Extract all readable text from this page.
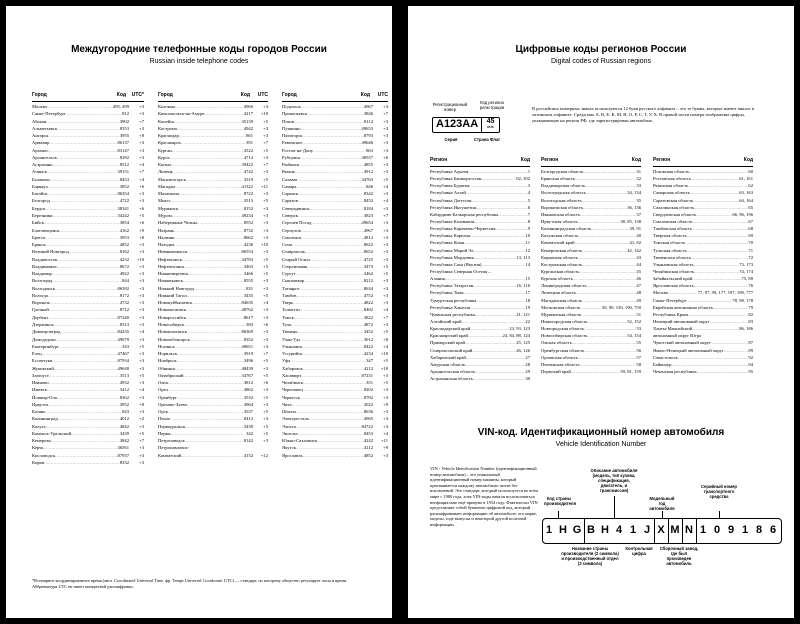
Междугородние телефонные коды городов России
Russian inside telephone codes
Город	Код	UTC*
Москва .....	495, 499	+3
Санкт-Петербург .....	812	+3
Абакан .....	3902	+7
Альметьевск .....	8553	+3
Ангарск .....	3955	+8
Армавир .....	86137	+3
Арзамас .....	83147	+3
Архангельск .....	8182	+3
Астрахань .....	8512	+4
Ачинск .....	39151	+7
Балаково .....	8453	+4
Барнаул .....	3852	+6
Батайск .....	86354	+3
Белгород .....	4722	+3
Бердск .....	38341	+6
Березники .....	34242	+5
Бийск .....	3854	+6
Благовещенск .....	4162	+9
Братск .....	3953	+8
Брянск .....	4832	+3
Великий Новгород .....	8162	+3
Владивосток .....	4232	+10
Владикавказ .....	8672	+3
Владимир .....	4922	+3
Волгоград .....	844	+3
Волгодонск .....	86392	+3
Вологда .....	8172	+3
Воронеж .....	4732	+3
Грозный .....	8712	+3
Дербент .....	87240	+3
Дзержинск .....	8313	+3
Димитровград .....	84235	+4
Домодедово .....	49679	+3
Екатеринбург .....	343	+5
Елец .....	47467	+3
Ессентуки .....	87934	+3
Жуковский .....	49648	+3
Златоуст .....	3513	+5
Иваново .....	4932	+3
Ижевск .....	3412	+4
Йошкар-Ола .....	8362	+3
Иркутск .....	3952	+8
Казань .....	843	+3
Калининград .....	4012	+2
Калуга .....	4842	+3
Каменск-Уральский .....	3439	+5
Кемерово .....	3842	+7
Керчь .....	36561	+3
Кисловодск .....	87937	+3
Киров .....	8332	+3
Город	Код	UTC
Коломна .....	4966	+3
Комсомольск-на-Амуре .....	4217	+10
Копейск .....	35139	+5
Кострома .....	4942	+3
Краснодар .....	861	+3
Красноярск .....	391	+7
Курган .....	3522	+5
Курск .....	4712	+3
Кызыл .....	39422	+7
Липецк .....	4742	+3
Магнитогорск .....	3519	+5
Магадан .....	41322	+11
Махачкала .....	8722	+3
Миасс .....	3513	+5
Мурманск .....	8152	+3
Муром .....	49234	+3
Набережные Челны .....	8552	+3
Назрань .....	8732	+3
Нальчик .....	8662	+3
Находка .....	4236	+10
Невинномысск .....	86554	+3
Нефтекамск .....	34783	+5
Нефтеюганск .....	3463	+5
Нижневартовск .....	3466	+5
Нижнекамск .....	8555	+3
Нижний Новгород .....	831	+3
Нижний Тагил .....	3435	+5
Новокуйбышевск .....	84635	+4
Новомосковск .....	48762	+3
Новороссийск .....	8617	+3
Новосибирск .....	383	+6
Новошахтинск .....	86369	+3
Новочебоксарск .....	8352	+3
Ногинск .....	49651	+3
Норильск .....	3919	+7
Ноябрьск .....	3496	+5
Обнинск .....	48439	+3
Октябрьский .....	34767	+5
Омск .....	3812	+6
Орел .....	4862	+3
Оренбург .....	3532	+5
Орехово-Зуево .....	4964	+3
Орск .....	3537	+5
Пенза .....	8412	+3
Первоуральск .....	3439	+5
Пермь .....	342	+5
Петрозаводск .....	8142	+3
Петропавловск-
Камчатский .....	4152	+12
Город	Код	UTC
Подольск .....	4967	+3
Прокопьевск .....	3846	+7
Псков .....	8112	+3
Пушкино .....	49653	+3
Пятигорск .....	8793	+3
Раменское .....	49646	+3
Ростов-на-Дону .....	863	+3
Рубцовск .....	38557	+6
Рыбинск .....	4855	+3
Рязань .....	4912	+3
Салават .....	34763	+5
Самара .....	846	+4
Саранск .....	8342	+3
Саратов .....	8452	+4
Северодвинск .....	8184	+3
Северск .....	3823	+7
Сергиев Посад .....	49654	+3
Серпухов .....	4967	+3
Смоленск .....	4812	+3
Сочи .....	8622	+3
Ставрополь .....	8652	+3
Старый Оскол .....	4725	+3
Стерлитамак .....	3473	+5
Сургут .....	3462	+5
Сыктывкар .....	8212	+3
Таганрог .....	8634	+3
Тамбов .....	4752	+3
Тверь .....	4822	+3
Тольятти .....	8482	+4
Томск .....	3822	+7
Тула .....	4872	+3
Тюмень .....	3452	+5
Улан-Удэ .....	3012	+8
Ульяновск .....	8422	+4
Уссурийск .....	4234	+10
Уфа .....	347	+5
Хабаровск .....	4212	+10
Хасавюрт .....	87231	+3
Челябинск .....	351	+5
Череповец .....	8202	+3
Черкесск .....	8782	+3
Чита .....	3022	+9
Шахты .....	8636	+3
Электросталь .....	4965	+3
Элиста .....	84722	+3
Энгельс .....	8453	+4
Южно-Сахалинск .....	4242	+11
Якутск .....	4112	+9
Ярославль .....	4852	+3
*Всемирное координированное время (англ. Coordinated Universal Time, фр. Temps Universel Coordonné; UTC) — стандарт, по которому общество регулирует часы и время. Аббревиатура UTC не имеет конкретной расшифровки.
Цифровые коды регионов России
Digital codes of Russian regions
Регистрационный номер
Код региона регистрации
A123AA	45
RUS
Серия	Страна Флаг
В российских номерных знаках используются 12 букв русского алфавита – это те буквы, которые имеют аналог в латинском алфавите. Среди них А, В, Е, К, М, Н, О, Р, С, Т, У, Х. В правой части номера изображены цифры, указывающие на регион РФ, где зарегистрирован автомобиль.
Регион	Код
Республика Адыгея .....	1
Республика Башкортостан .....	02, 102
Республика Бурятия .....	3
Республика Алтай .....	4
Республика Дагестан .....	5
Республика Ингушетия .....	6
Кабардино-Балкарская республика .....	7
Республика Калмыкия .....	8
Республика Карачаево-Черкессия .....	9
Республика Карелия .....	10
Республика Коми .....	11
Республика Марий Эл .....	12
Республика Мордовия .....	13, 113
Республика Саха (Якутия) .....	14
Республика Северная Осетия –
Алания .....	15
Республика Татарстан .....	16, 116
Республика Тыва .....	17
Удмуртская республика .....	18
Республика Хакасия .....	19
Чувашская республика .....	21, 121
Алтайский край .....	22
Краснодарский край .....	23, 93, 123
Красноярский край .....	24, 84, 88, 124
Приморский край .....	25, 125
Ставропольский край .....	26, 126
Хабаровский край .....	27
Амурская область .....	28
Архангельская область .....	29
Астраханская область .....	30
Регион	Код
Белгородская область .....	31
Брянская область .....	32
Владимирская область .....	33
Волгоградская область .....	34, 134
Вологодская область .....	35
Воронежская область .....	36, 136
Ивановская область .....	37
Иркутская область .....	38, 85, 138
Калининградская область .....	39, 91
Калужская область .....	40
Камчатский край .....	41, 82
Кемеровская область .....	42, 142
Кировская область .....	43
Костромская область .....	44
Курганская область .....	45
Курская область .....	46
Ленинградская область .....	47
Липецкая область .....	48
Магаданская область .....	49
Московская область .....	50, 90, 150, 190, 750
Мурманская область .....	51
Нижегородская область .....	52, 152
Новгородская область .....	53
Новосибирская область .....	54, 154
Омская область .....	55
Оренбургская область .....	56
Орловская область .....	57
Пензенская область .....	58
Пермский край .....	59, 81, 159
Регион	Код
Псковская область .....	60
Ростовская область .....	61, 161
Рязанская область .....	62
Самарская область .....	63, 163
Саратовская область .....	64, 164
Сахалинская область .....	65
Свердловская область .....	66, 96, 196
Смоленская область .....	67
Тамбовская область .....	68
Тверская область .....	69
Томская область .....	70
Тульская область .....	71
Тюменская область .....	72
Ульяновская область .....	73, 173
Челябинская область .....	74, 174
Забайкальский край .....	75, 80
Ярославская область .....	76
Москва .....	77, 97, 99, 177, 197, 199, 777
Санкт-Петербург .....	78, 98, 178
Еврейская автономная область .....	79
Республика Крым .....	82
Ненецкий автономный округ .....	83
Ханты-Мансийский .....	86, 186
автономный округ Югра
Чукотский автономный округ .....	87
Ямало-Ненецкий автономный округ .....	89
Севастополь .....	92
Байконур .....	94
Чеченская республика .....	95
VIN-код. Идентификационный номер автомобиля
Vehicle Identification Number
VIN - Vehicle Identification Number (идентификационный номер автомобиля) – это уникальный идентификационный номер машины, который присваивается каждому автомобилю почти без исключений. Это стандарт, который используется во всём мире с 1980 года, хотя VIN-коды начали использоваться неофициально ещё приерно в 1954 году. Фактически VIN представляет собой буквенно-цифровой код, который расшифровывает информацию об автомобиле: его марке, модели, годе выпуска и некоторой другой полезной информации.
Код страны производителя
Описание автомобиля (модель, тип кузова, спецификация, двигатель, и трансмиссия)
Модельный год автомобиля
Серийный номер транспортного средства
Название страны производителя (2 символа) и производственный отдел (3 символа)
Контрольная цифра
Сборочный завод, где был произведен автомобиль
1 H G B H 4 1 J X M N 1 0 9 1 8 6
